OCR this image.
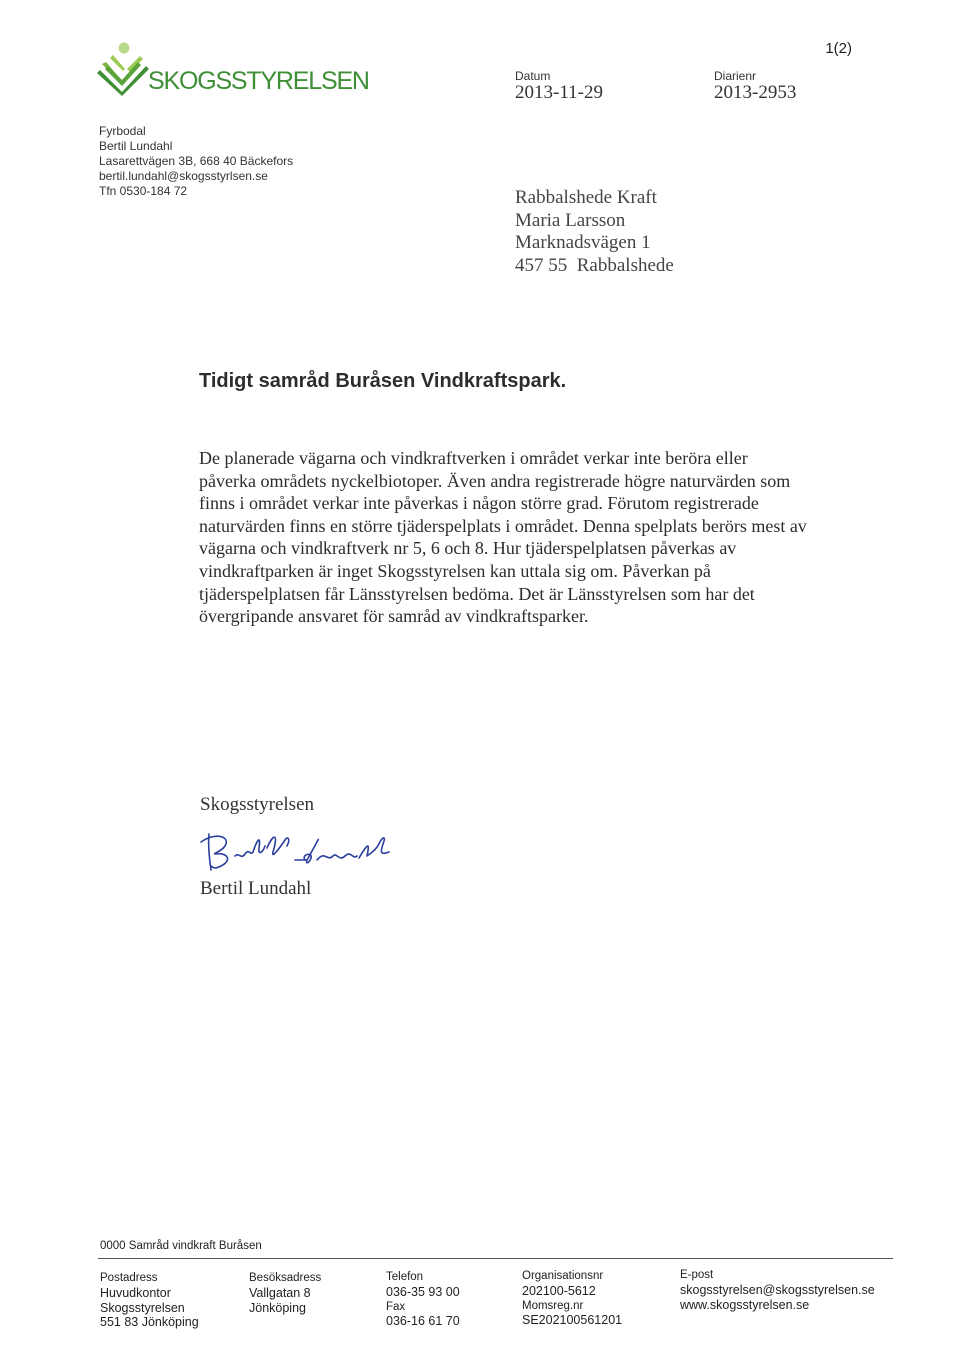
1(2)
SKOGSSTYRELSEN	Datum
2013-11-29
Diarienr
2013-2953
Fyrbodal
Bertil Lundahl
Lasarettvägen 3B, 668 40 Bäckefors
bertil.lundahl@skogsstyrlsen.se
Tfn 0530-184 72	Rabbalshede Kraft
Maria Larsson
Marknadsvägen 1
457 55  Rabbalshede
Tidigt samråd Buråsen Vindkraftspark.

De planerade vägarna och vindkraftverken i området verkar inte beröra eller påverka områdets nyckelbiotoper. Även andra registrerade högre naturvärden som finns i området verkar inte påverkas i någon större grad. Förutom registrerade naturvärden finns en större tjäderspelplats i området. Denna spelplats berörs mest av vägarna och vindkraftverk nr 5, 6 och 8. Hur tjäderspelplatsen påverkas av vindkraftparken är inget Skogsstyrelsen kan uttala sig om. Påverkan på tjäderspelplatsen får Länsstyrelsen bedöma. Det är Länsstyrelsen som har det övergripande ansvaret för samråd av vindkraftsparker.

Skogsstyrelsen
Bertil Lundahl
0000 Samråd vindkraft Buråsen
Postadress
Huvudkontor
Skogsstyrelsen
551 83 Jönköping
Besöksadress
Vallgatan 8
Jönköping
Telefon
036-35 93 00
Fax
036-16 61 70
Organisationsnr
202100-5612
Momsreg.nr
SE202100561201
E-post
skogsstyrelsen@skogsstyrelsen.se
www.skogsstyrelsen.se
